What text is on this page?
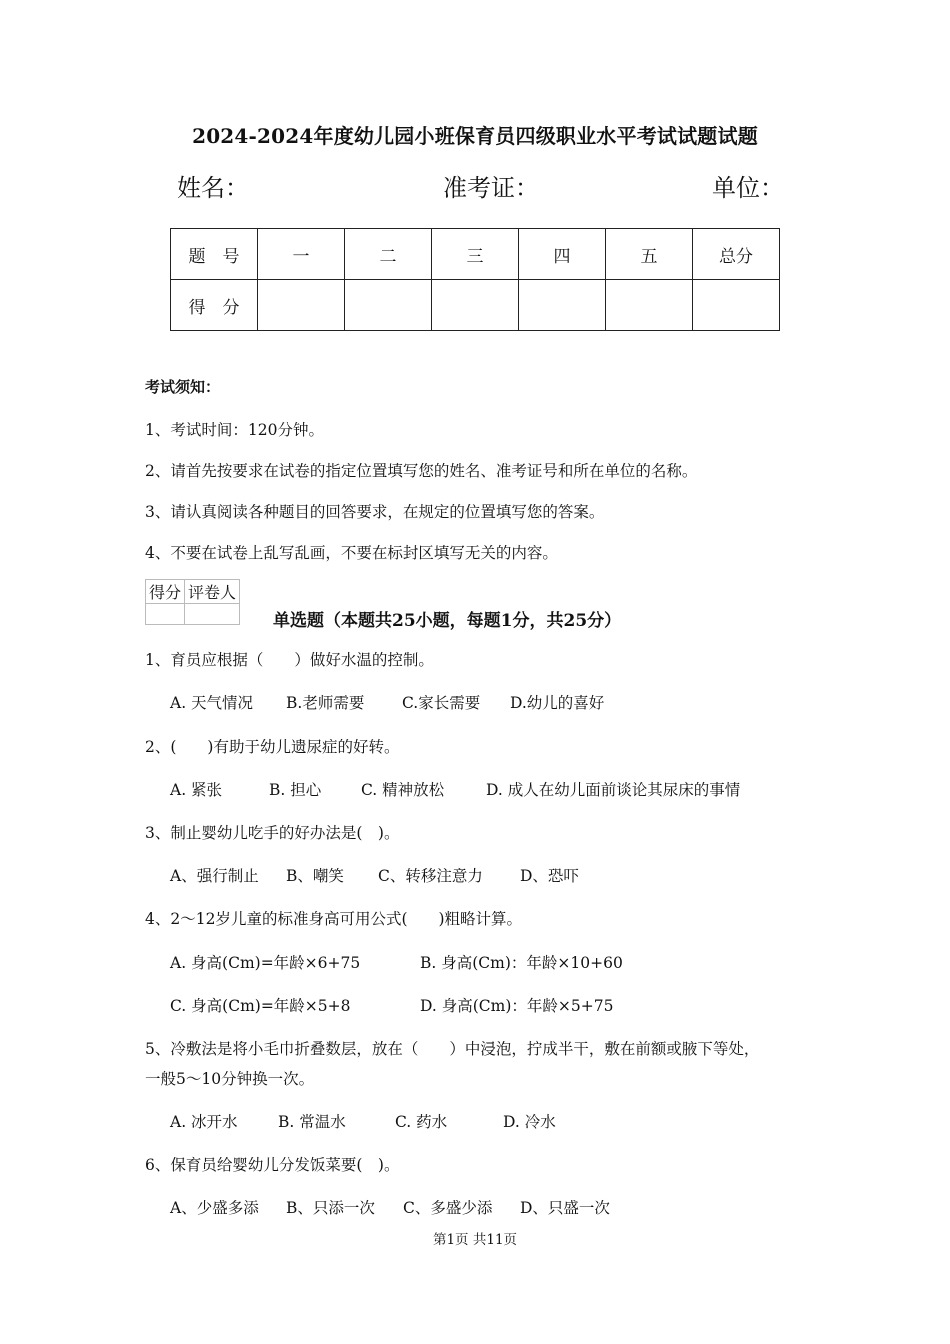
2024-2024年度幼儿园小班保育员四级职业水平考试试题试题
姓名：	准考证：	单位：
题　号	一	二	三	四	五	总分
得　分						
考试须知：
1、考试时间：120分钟。
2、请首先按要求在试卷的指定位置填写您的姓名、准考证号和所在单位的名称。
3、请认真阅读各种题目的回答要求，在规定的位置填写您的答案。
4、不要在试卷上乱写乱画，不要在标封区填写无关的内容。
得分	评卷人

单选题（本题共25小题，每题1分，共25分）
1、育员应根据（　　）做好水温的控制。
A. 天气情况 B.老师需要 C.家长需要 D.幼儿的喜好
2、(　　)有助于幼儿遗尿症的好转。
A. 紧张	B. 担心	C. 精神放松	D. 成人在幼儿面前谈论其尿床的事情
3、制止婴幼儿吃手的好办法是(　)。
A、强行制止 B、嘲笑 C、转移注意力 D、恐吓
4、2～12岁儿童的标准身高可用公式(　　)粗略计算。
A. 身高(Cm)=年龄×6+75	B. 身高(Cm)：年龄×10+60
C. 身高(Cm)=年龄×5+8	D. 身高(Cm)：年龄×5+75
5、冷敷法是将小毛巾折叠数层，放在（　　）中浸泡，拧成半干，敷在前额或腋下等处，
一般5～10分钟换一次。
A. 冰开水	B. 常温水	C. 药水	D. 冷水
6、保育员给婴幼儿分发饭菜要(　)。
A、少盛多添 B、只添一次 C、多盛少添 D、只盛一次
第1页 共11页
